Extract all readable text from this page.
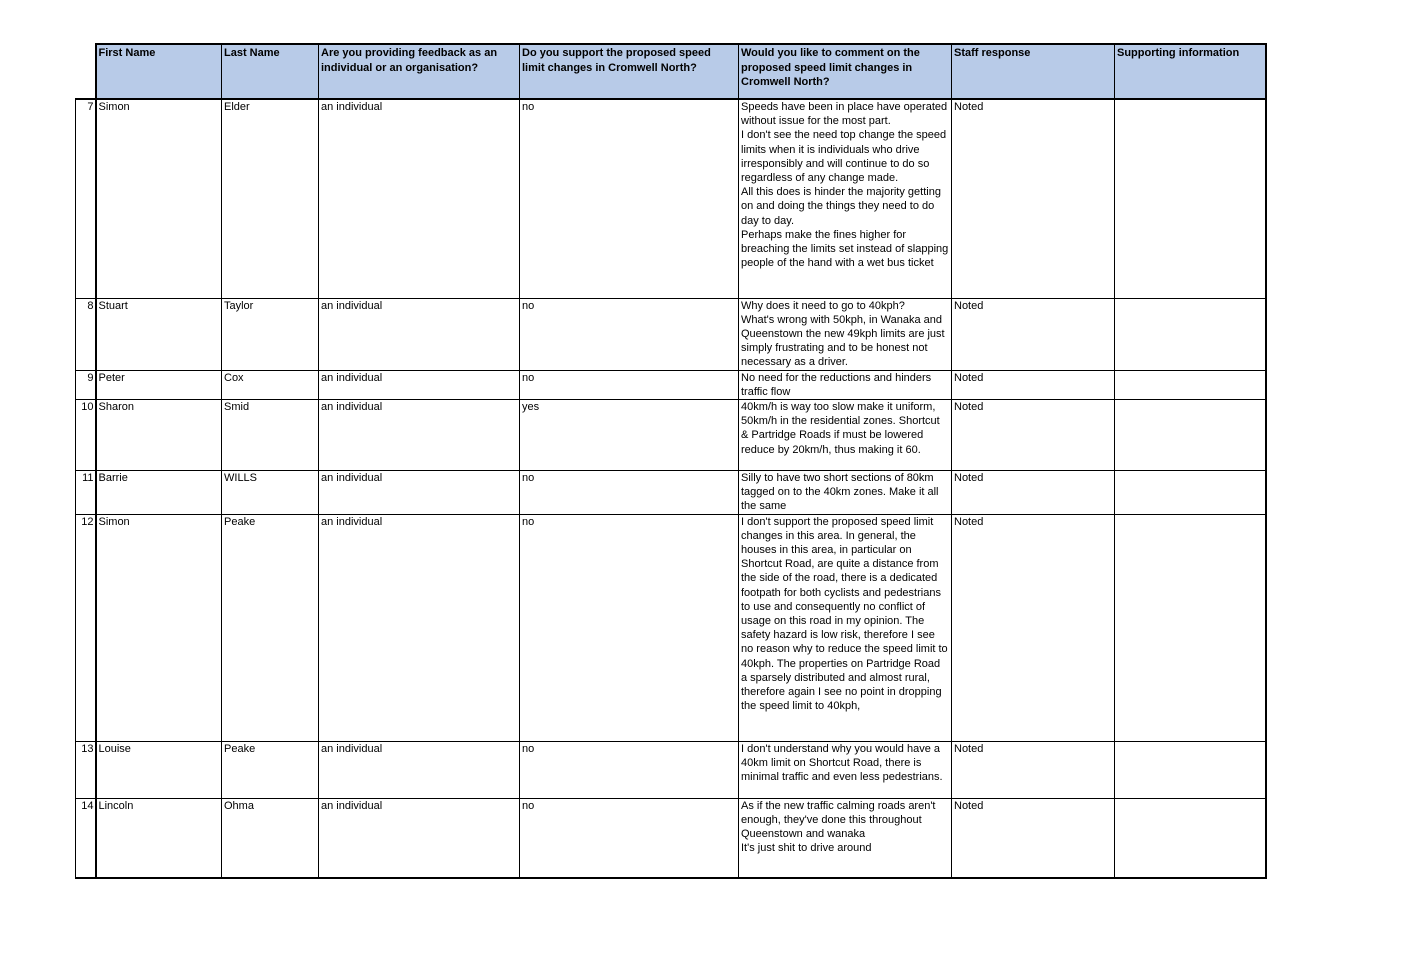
	First Name	Last Name	Are you providing feedback as an individual or an organisation?	Do you support the proposed speed limit changes in Cromwell North?	Would you like to comment on the proposed speed limit changes in Cromwell North?	Staff response	Supporting information
7	Simon	Elder	an individual	no	Speeds have been in place have operated without issue for the most part.
I don't see the need top change the speed limits when it is individuals who drive irresponsibly and will continue to do so regardless of any change made.
All this does is hinder the majority getting on and doing the things they need to do day to day.
Perhaps make the fines higher for breaching the limits set instead of slapping people of the hand with a wet bus ticket	Noted	
8	Stuart	Taylor	an individual	no	Why does it need to go to 40kph?
What's wrong with 50kph, in Wanaka and Queenstown the new 49kph limits are just simply frustrating and to be honest not necessary as a driver.	Noted	
9	Peter	Cox	an individual	no	No need for the reductions and hinders traffic flow	Noted	
10	Sharon	Smid	an individual	yes	40km/h is way too slow make it uniform, 50km/h in the residential zones. Shortcut & Partridge Roads if must be lowered reduce by 20km/h, thus making it 60.	Noted	
11	Barrie	WILLS	an individual	no	Silly to have two short sections of 80km tagged on to the 40km zones. Make it all the same	Noted	
12	Simon	Peake	an individual	no	I don't support the proposed speed limit changes in this area. In general, the houses in this area, in particular on Shortcut Road, are quite a distance from the side of the road, there is a dedicated footpath for both cyclists and pedestrians to use and consequently no conflict of usage on this road in my opinion. The safety hazard is low risk, therefore I see no reason why to reduce the speed limit to 40kph. The properties on Partridge Road a sparsely distributed and almost rural, therefore again I see no point in dropping the speed limit to 40kph,	Noted	
13	Louise	Peake	an individual	no	I don't understand why you would have a 40km limit on Shortcut Road, there is minimal traffic and even less pedestrians.	Noted	
14	Lincoln	Ohma	an individual	no	As if the new traffic calming roads aren't enough, they've done this throughout Queenstown and wanaka
It's just shit to drive around	Noted	
